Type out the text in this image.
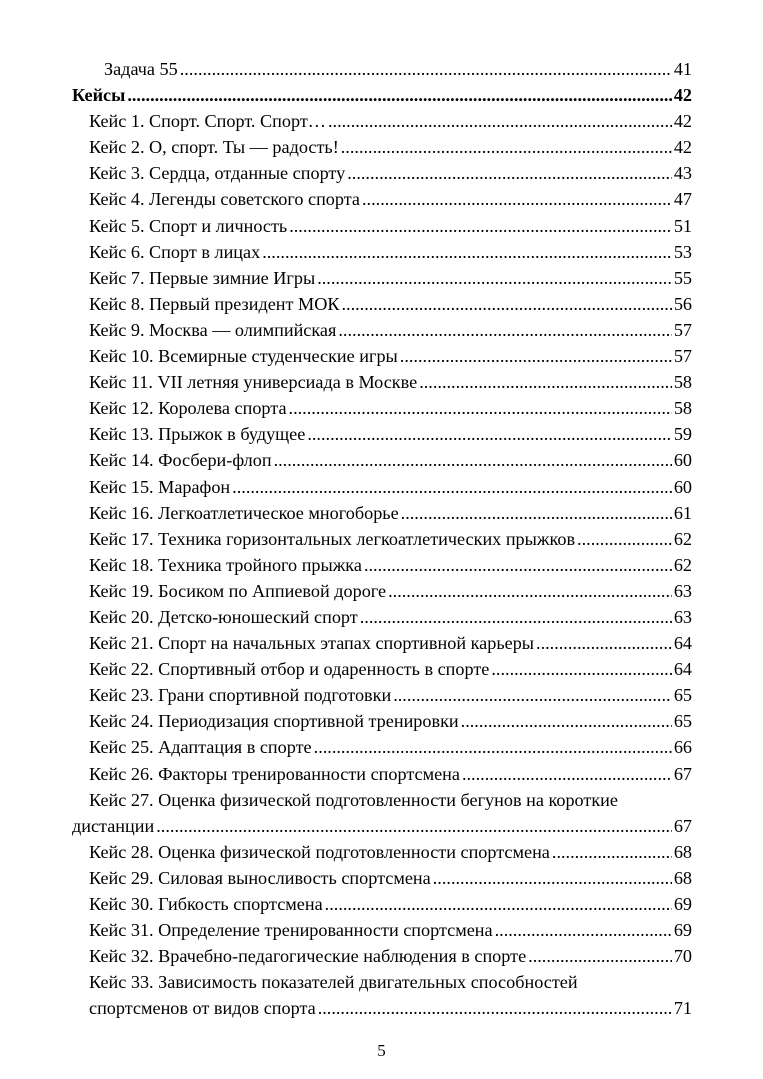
Задача 55 .....	41
Кейсы .....	42
Кейс 1. Спорт. Спорт. Спорт… .....	42
Кейс 2. О, спорт. Ты — радость! .....	42
Кейс 3. Сердца, отданные спорту .....	43
Кейс 4. Легенды советского спорта .....	47
Кейс 5. Спорт и личность .....	51
Кейс 6. Спорт в лицах .....	53
Кейс 7. Первые зимние Игры .....	55
Кейс 8. Первый президент МОК .....	56
Кейс 9. Москва — олимпийская .....	57
Кейс 10. Всемирные студенческие игры .....	57
Кейс 11. VII летняя универсиада в Москве .....	58
Кейс 12. Королева спорта .....	58
Кейс 13. Прыжок в будущее .....	59
Кейс 14. Фосбери-флоп .....	60
Кейс 15. Марафон .....	60
Кейс 16. Легкоатлетическое многоборье .....	61
Кейс 17. Техника горизонтальных легкоатлетических прыжков .....	62
Кейс 18. Техника тройного прыжка .....	62
Кейс 19. Босиком по Аппиевой дороге .....	63
Кейс 20. Детско-юношеский спорт .....	63
Кейс 21. Спорт на начальных этапах спортивной карьеры .....	64
Кейс 22. Спортивный отбор и одаренность в спорте .....	64
Кейс 23. Грани спортивной подготовки .....	65
Кейс 24. Периодизация спортивной тренировки .....	65
Кейс 25. Адаптация в спорте .....	66
Кейс 26. Факторы тренированности спортсмена .....	67
Кейс 27. Оценка физической подготовленности бегунов на короткие
дистанции .....	67
Кейс 28. Оценка физической подготовленности спортсмена .....	68
Кейс 29. Силовая выносливость спортсмена .....	68
Кейс 30. Гибкость спортсмена .....	69
Кейс 31. Определение тренированности спортсмена .....	69
Кейс 32. Врачебно-педагогические наблюдения в спорте .....	70
Кейс 33. Зависимость показателей двигательных способностей
спортсменов от видов спорта .....	71
5
